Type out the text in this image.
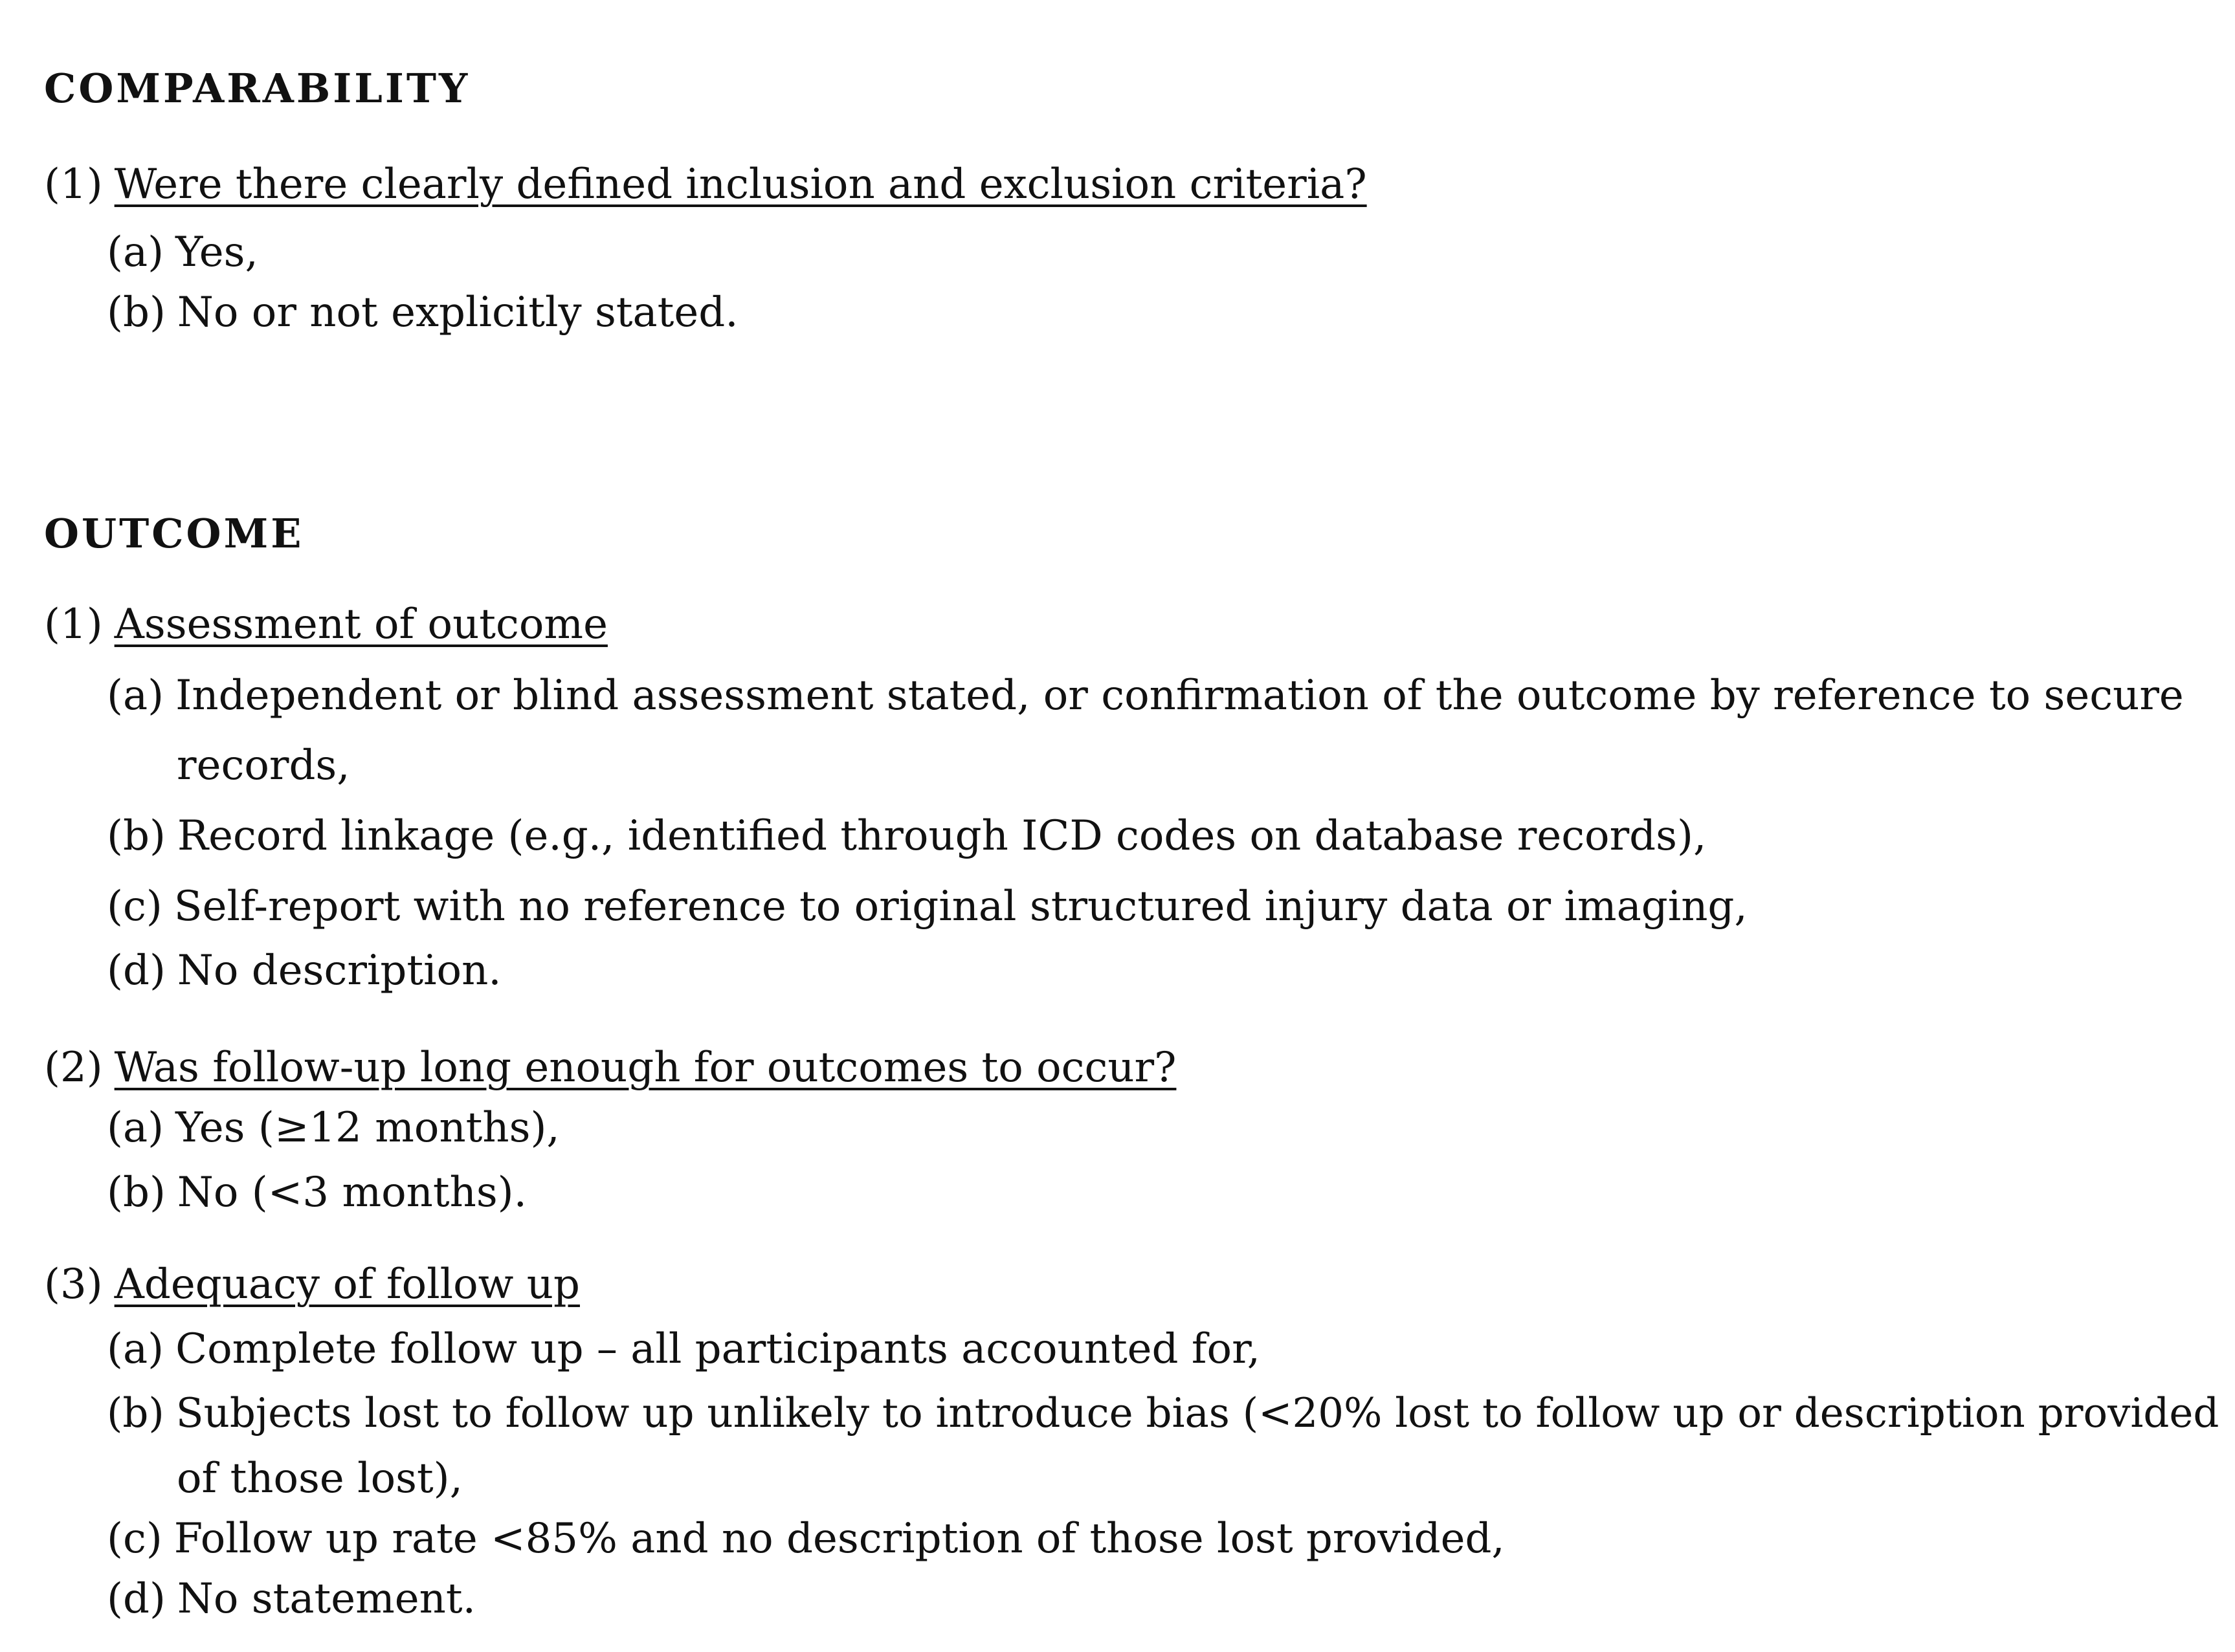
COMPARABILITY
(1) Were there clearly defined inclusion and exclusion criteria?
(a) Yes,
(b) No or not explicitly stated.
OUTCOME
(1) Assessment of outcome
(a) Independent or blind assessment stated, or confirmation of the outcome by reference to secure
records,
(b) Record linkage (e.g., identified through ICD codes on database records),
(c) Self-report with no reference to original structured injury data or imaging,
(d) No description.
(2) Was follow-up long enough for outcomes to occur?
(a) Yes (≥12 months),
(b) No (<3 months).
(3) Adequacy of follow up
(a) Complete follow up – all participants accounted for,
(b) Subjects lost to follow up unlikely to introduce bias (<20% lost to follow up or description provided
of those lost),
(c) Follow up rate <85% and no description of those lost provided,
(d) No statement.
